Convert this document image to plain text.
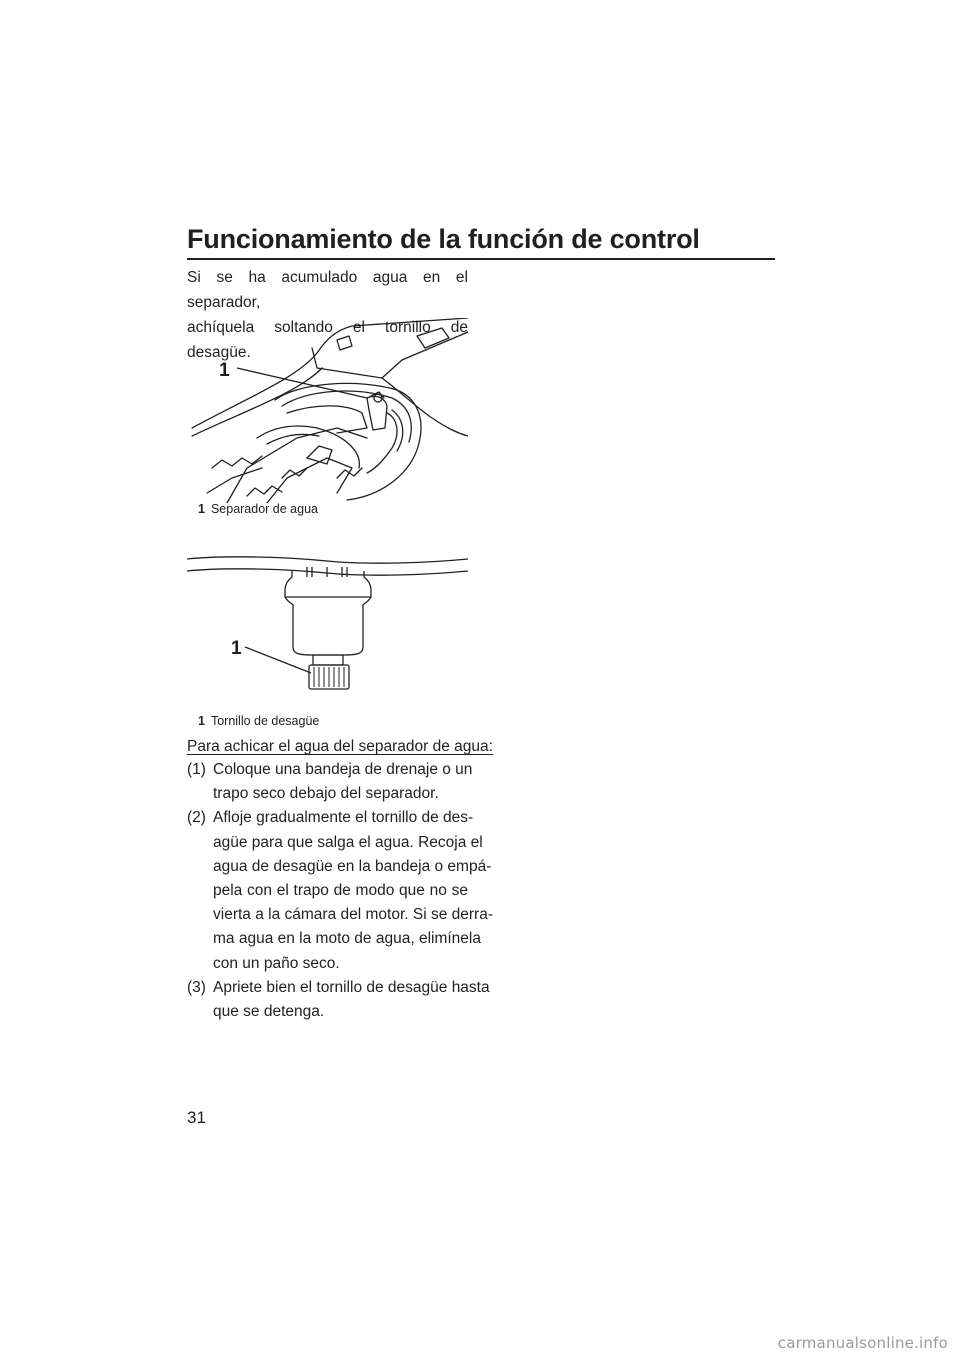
Funcionamiento de la función de control
31

Si se ha acumulado agua en el separador,
achíquela soltando el tornillo de desagüe.

1
1 Separador de agua
1
1 Tornillo de desagüe
Para achicar el agua del separador de agua:
(1) Coloque una bandeja de drenaje o un
trapo seco debajo del separador.
(2) Afloje gradualmente el tornillo de des-
agüe para que salga el agua. Recoja el
agua de desagüe en la bandeja o empá-
pela con el trapo de modo que no se
vierta a la cámara del motor. Si se derra-
ma agua en la moto de agua, elimínela
con un paño seco.
(3) Apriete bien el tornillo de desagüe hasta
que se detenga.
carmanualsonline.info
